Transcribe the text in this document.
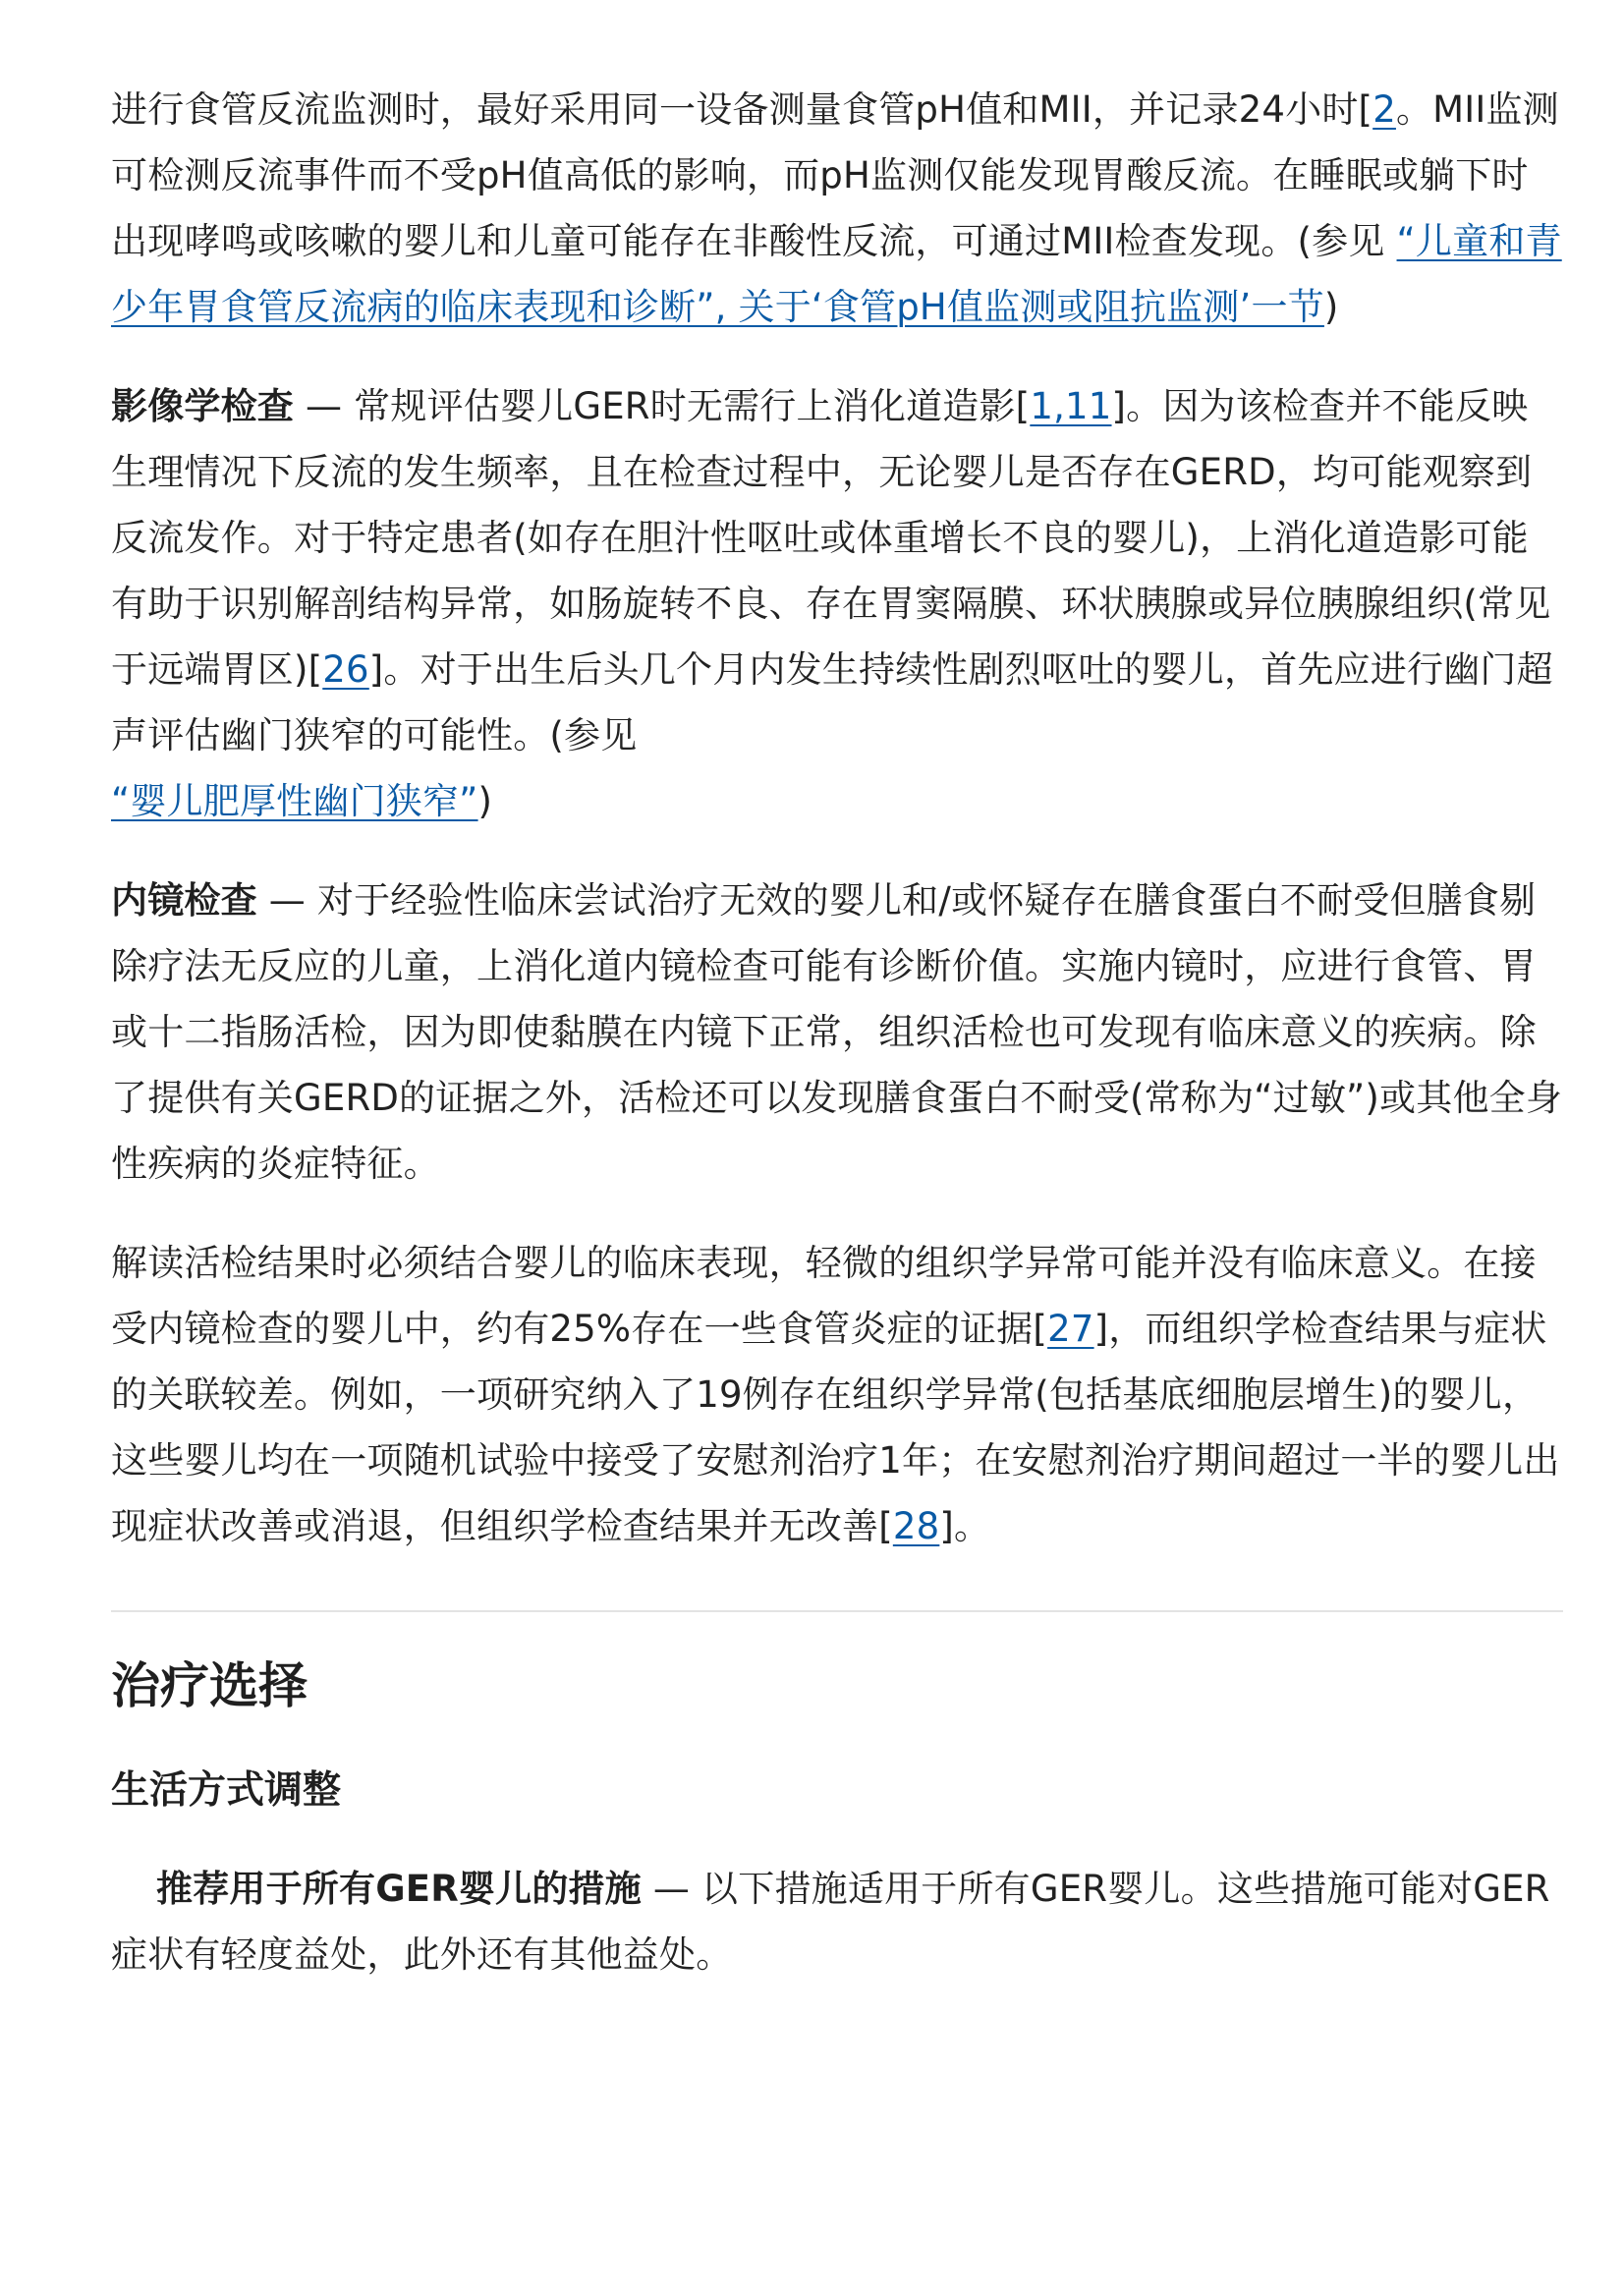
进行食管反流监测时，最好采用同一设备测量食管pH值和MII，并记录24小时[2。MII监测可检测反流事件而不受pH值高低的影响，而pH监测仅能发现胃酸反流。在睡眠或躺下时出现哮鸣或咳嗽的婴儿和儿童可能存在非酸性反流，可通过MII检查发现。(参见 “儿童和青少年胃食管反流病的临床表现和诊断”, 关于‘食管pH值监测或阻抗监测’一节)

影像学检查 — 常规评估婴儿GER时无需行上消化道造影[1,11]。因为该检查并不能反映生理情况下反流的发生频率，且在检查过程中，无论婴儿是否存在GERD，均可能观察到反流发作。对于特定患者(如存在胆汁性呕吐或体重增长不良的婴儿)，上消化道造影可能有助于识别解剖结构异常，如肠旋转不良、存在胃窦隔膜、环状胰腺或异位胰腺组织(常见于远端胃区)[26]。对于出生后头几个月内发生持续性剧烈呕吐的婴儿，首先应进行幽门超声评估幽门狭窄的可能性。(参见
“婴儿肥厚性幽门狭窄”)

内镜检查 — 对于经验性临床尝试治疗无效的婴儿和/或怀疑存在膳食蛋白不耐受但膳食剔除疗法无反应的儿童，上消化道内镜检查可能有诊断价值。实施内镜时，应进行食管、胃或十二指肠活检，因为即使黏膜在内镜下正常，组织活检也可发现有临床意义的疾病。除了提供有关GERD的证据之外，活检还可以发现膳食蛋白不耐受(常称为“过敏”)或其他全身性疾病的炎症特征。

解读活检结果时必须结合婴儿的临床表现，轻微的组织学异常可能并没有临床意义。在接受内镜检查的婴儿中，约有25%存在一些食管炎症的证据[27]，而组织学检查结果与症状的关联较差。例如，一项研究纳入了19例存在组织学异常(包括基底细胞层增生)的婴儿，这些婴儿均在一项随机试验中接受了安慰剂治疗1年；在安慰剂治疗期间超过一半的婴儿出现症状改善或消退，但组织学检查结果并无改善[28]。

治疗选择
生活方式调整

推荐用于所有GER婴儿的措施 — 以下措施适用于所有GER婴儿。这些措施可能对GER症状有轻度益处，此外还有其他益处。
